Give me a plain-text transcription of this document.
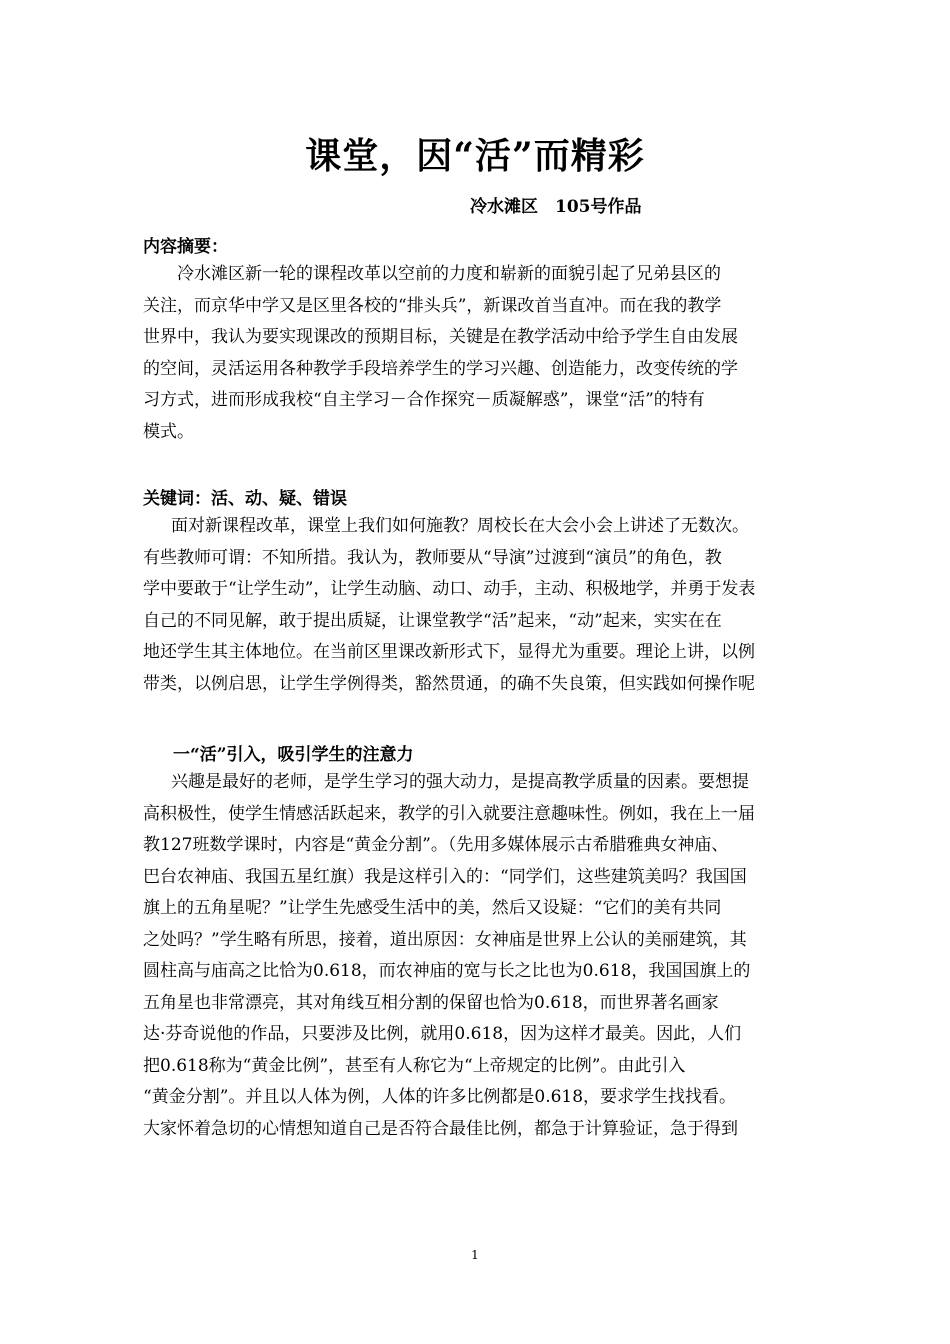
课堂，因“活”而精彩
冷水滩区　105号作品
内容摘要：
冷水滩区新一轮的课程改革以空前的力度和崭新的面貌引起了兄弟县区的
关注，而京华中学又是区里各校的“排头兵”，新课改首当直冲。而在我的教学
世界中，我认为要实现课改的预期目标，关键是在教学活动中给予学生自由发展
的空间，灵活运用各种教学手段培养学生的学习兴趣、创造能力，改变传统的学
习方式，进而形成我校“自主学习－合作探究－质凝解惑”，课堂“活”的特有
模式。
关键词：活、动、疑、错误
面对新课程改革，课堂上我们如何施教？周校长在大会小会上讲述了无数次。
有些教师可谓：不知所措。我认为，教师要从“导演”过渡到“演员”的角色，教
学中要敢于“让学生动”，让学生动脑、动口、动手，主动、积极地学，并勇于发表
自己的不同见解，敢于提出质疑，让课堂教学“活”起来，“动”起来，实实在在
地还学生其主体地位。在当前区里课改新形式下，显得尤为重要。理论上讲，以例
带类，以例启思，让学生学例得类，豁然贯通，的确不失良策，但实践如何操作呢
一“活”引入，吸引学生的注意力
兴趣是最好的老师，是学生学习的强大动力，是提高教学质量的因素。要想提
高积极性，使学生情感活跃起来，教学的引入就要注意趣味性。例如，我在上一届
教127班数学课时，内容是“黄金分割”。（先用多媒体展示古希腊雅典女神庙、
巴台农神庙、我国五星红旗）我是这样引入的：“同学们，这些建筑美吗？我国国
旗上的五角星呢？”让学生先感受生活中的美，然后又设疑：“它们的美有共同
之处吗？”学生略有所思，接着，道出原因：女神庙是世界上公认的美丽建筑，其
圆柱高与庙高之比恰为0.618，而农神庙的宽与长之比也为0.618，我国国旗上的
五角星也非常漂亮，其对角线互相分割的保留也恰为0.618，而世界著名画家
达·芬奇说他的作品，只要涉及比例，就用0.618，因为这样才最美。因此，人们
把0.618称为“黄金比例”，甚至有人称它为“上帝规定的比例”。由此引入
“黄金分割”。并且以人体为例，人体的许多比例都是0.618，要求学生找找看。
大家怀着急切的心情想知道自己是否符合最佳比例，都急于计算验证，急于得到
1
